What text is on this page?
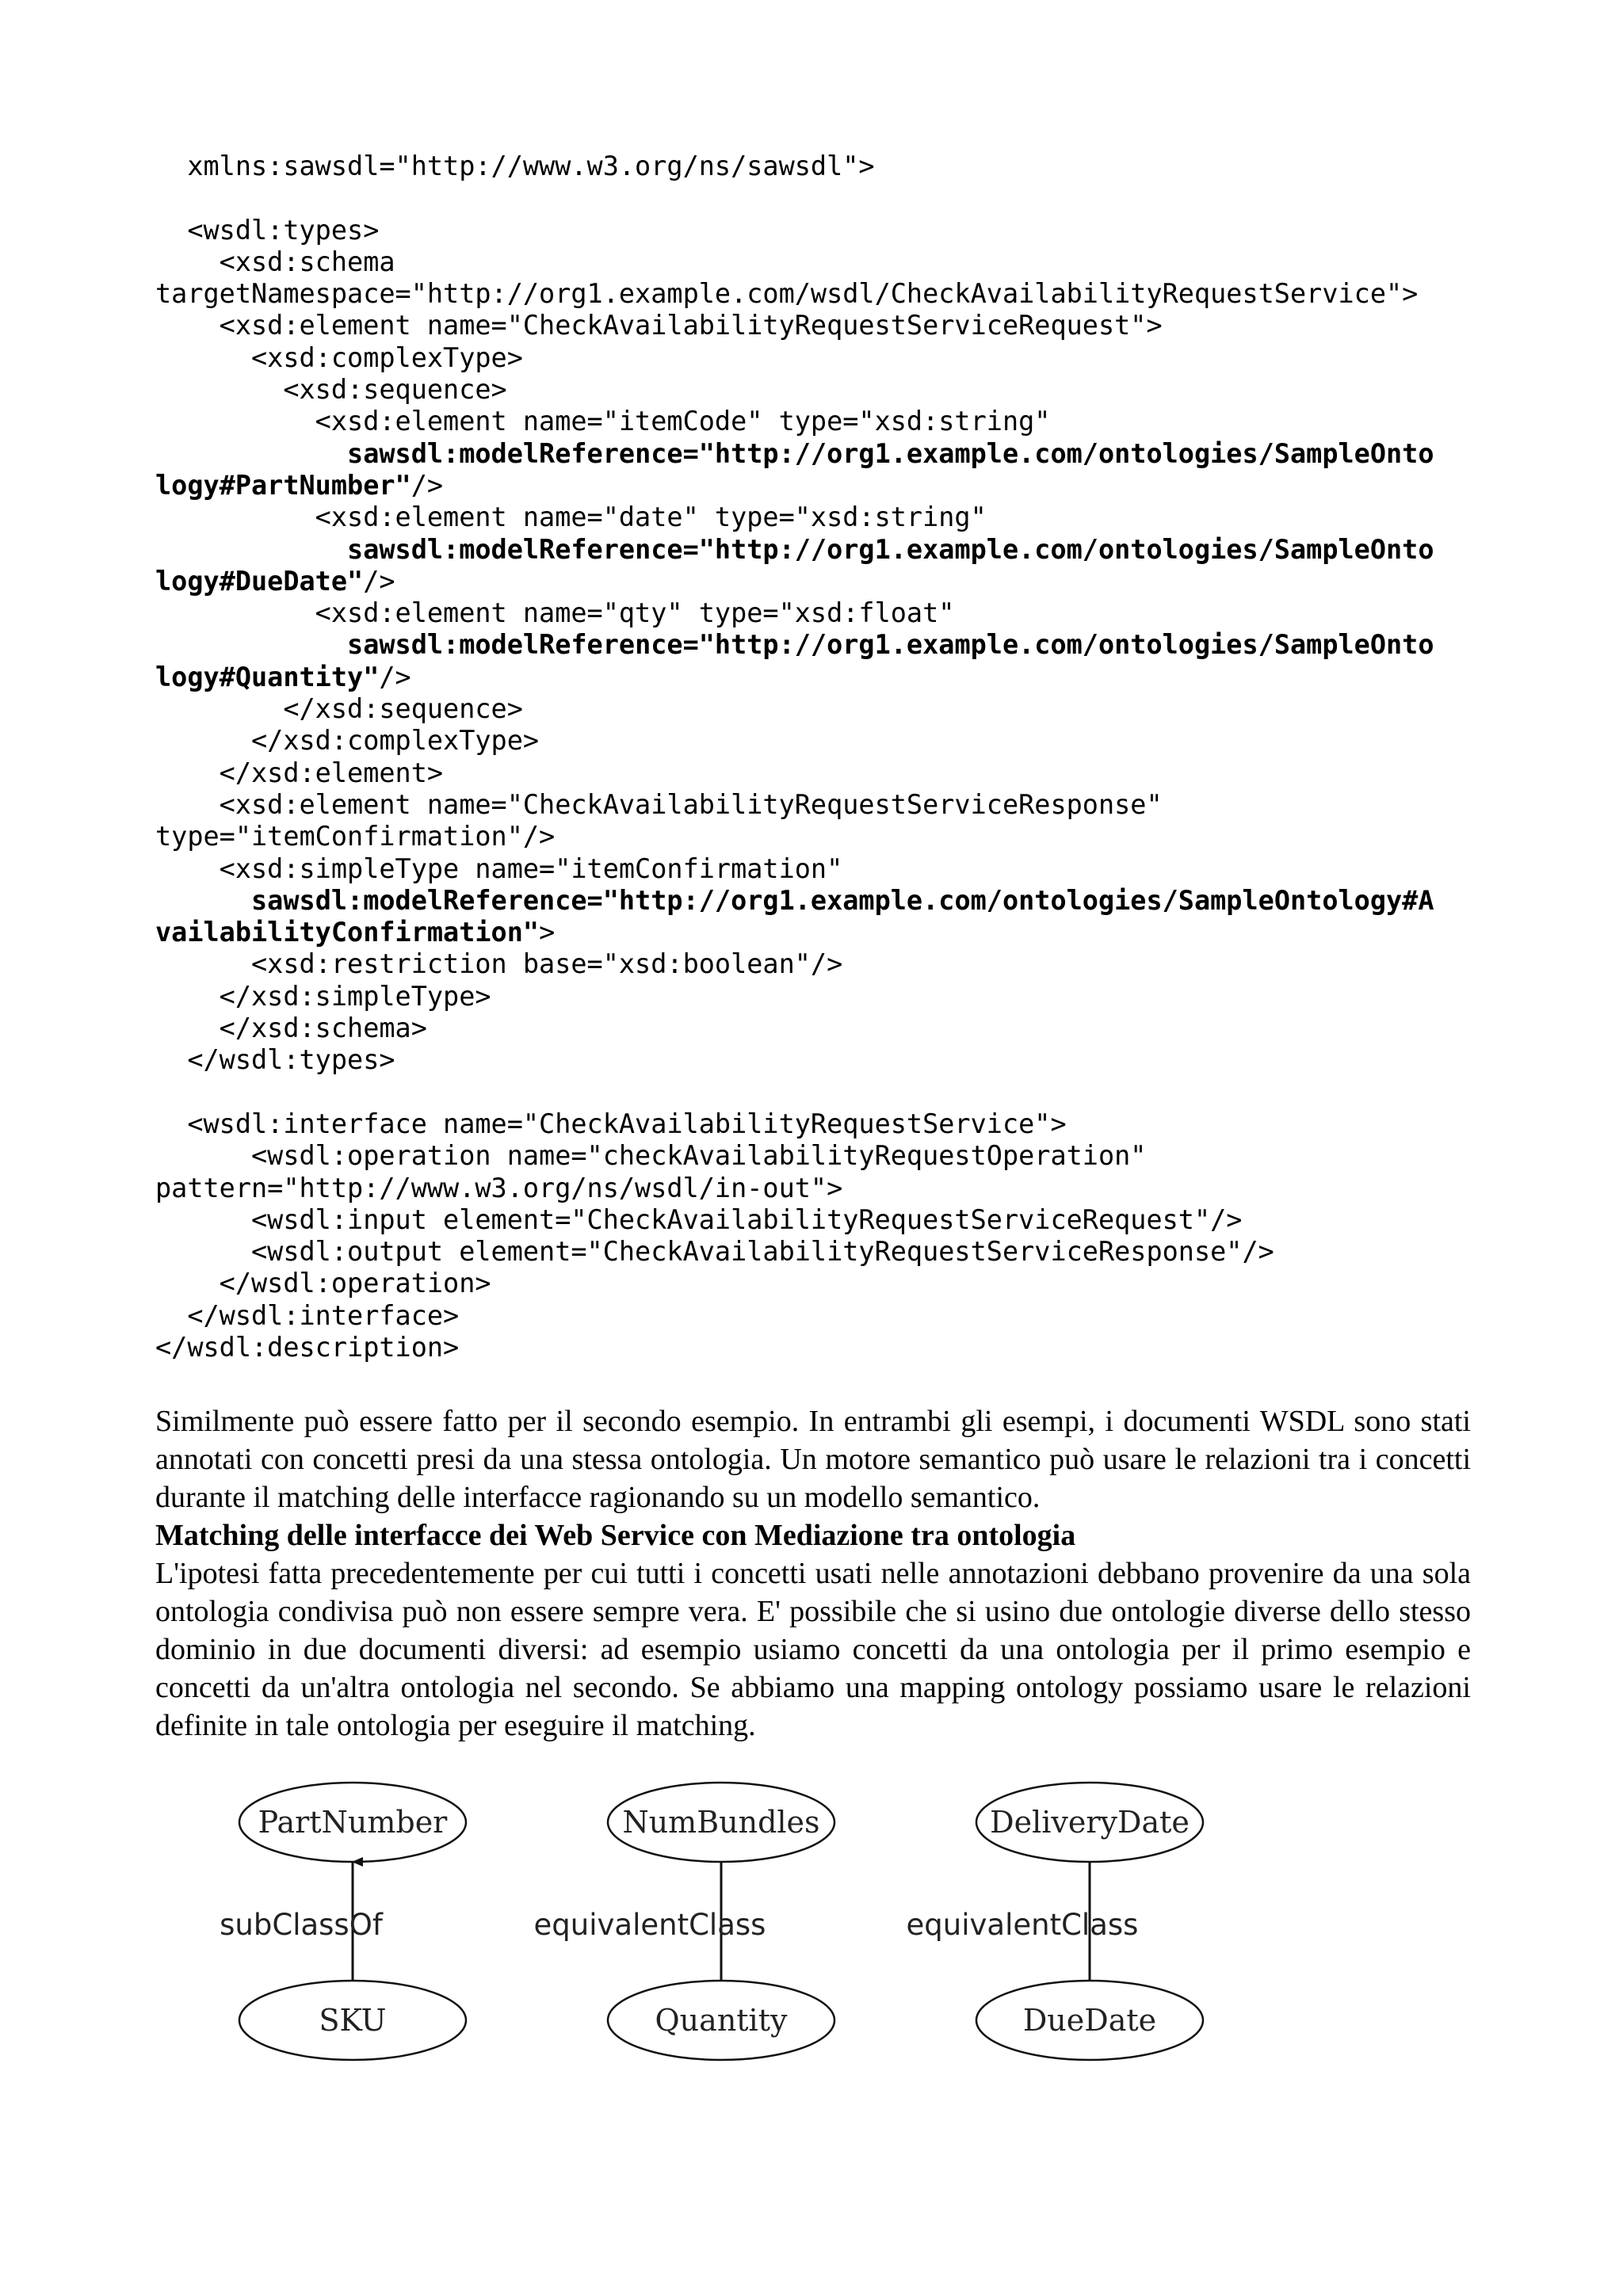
xmlns:sawsdl="http://www.w3.org/ns/sawsdl">
<wsdl:types>
<xsd:schema
targetNamespace="http://org1.example.com/wsdl/CheckAvailabilityRequestService">
<xsd:element name="CheckAvailabilityRequestServiceRequest">
<xsd:complexType>
<xsd:sequence>
<xsd:element name="itemCode" type="xsd:string"
sawsdl:modelReference="http://org1.example.com/ontologies/SampleOnto
logy#PartNumber"/>
<xsd:element name="date" type="xsd:string"
sawsdl:modelReference="http://org1.example.com/ontologies/SampleOnto
logy#DueDate"/>
<xsd:element name="qty" type="xsd:float"
sawsdl:modelReference="http://org1.example.com/ontologies/SampleOnto
logy#Quantity"/>
</xsd:sequence>
</xsd:complexType>
</xsd:element>
<xsd:element name="CheckAvailabilityRequestServiceResponse"
type="itemConfirmation"/>
<xsd:simpleType name="itemConfirmation"
sawsdl:modelReference="http://org1.example.com/ontologies/SampleOntology#A
vailabilityConfirmation">
<xsd:restriction base="xsd:boolean"/>
</xsd:simpleType>
</xsd:schema>
</wsdl:types>
<wsdl:interface name="CheckAvailabilityRequestService">
<wsdl:operation name="checkAvailabilityRequestOperation"
pattern="http://www.w3.org/ns/wsdl/in-out">
<wsdl:input element="CheckAvailabilityRequestServiceRequest"/>
<wsdl:output element="CheckAvailabilityRequestServiceResponse"/>
</wsdl:operation>
</wsdl:interface>
</wsdl:description>

Similmente può essere fatto per il secondo esempio. In entrambi gli esempi, i documenti WSDL sono stati annotati con concetti presi da una stessa ontologia. Un motore semantico può usare le relazioni tra i concetti durante il matching delle interfacce ragionando su un modello semantico.

Matching delle interfacce dei Web Service con Mediazione tra ontologia

L'ipotesi fatta precedentemente per cui tutti i concetti usati nelle annotazioni debbano provenire da una sola ontologia condivisa può non essere sempre vera. E' possibile che si usino due ontologie diverse dello stesso dominio in due documenti diversi: ad esempio usiamo concetti da una ontologia per il primo esempio e concetti da un'altra ontologia nel secondo. Se abbiamo una mapping ontology possiamo usare le relazioni definite in tale ontologia per eseguire il matching.

PartNumber
SKU
subClassOf
NumBundles
Quantity
equivalentClass
DeliveryDate
DueDate
equivalentClass
